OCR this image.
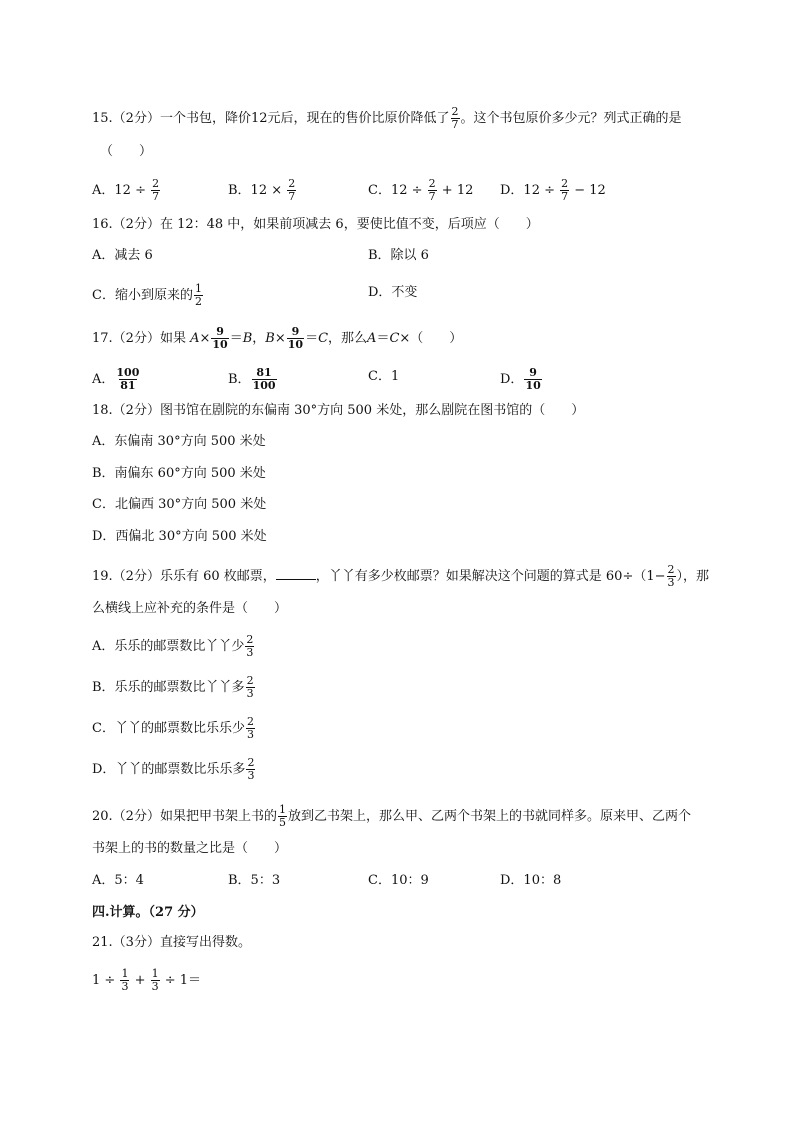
15.（2分）一个书包，降价12元后，现在的售价比原价降低了 $\frac{2}{7}$ 。这个书包原价多少元？列式正确的是
（　　）
A．$12 \div \frac{2}{7}$	B．$12 \times \frac{2}{7}$	C．$12 \div \frac{2}{7} + 12$ D．$12 \div \frac{2}{7} - 12$
16.（2分）在 12：48 中，如果前项减去 6，要使比值不变，后项应（　　）
A．减去 6	B．除以 6
C．缩小到原来的 $\frac{1}{2}$	D．不变
17.（2分）如果 $A\times \frac{9}{10} =B$，$B\times \frac{9}{10} =C$，那么A＝C×（　　）
A． $\frac{100}{81}$	B． $\frac{81}{100}$	C．1	D． $\frac{9}{10}$
18.（2分）图书馆在剧院的东偏南 30°方向 500 米处，那么剧院在图书馆的（　　）
A．东偏南 30°方向 500 米处
B．南偏东 60°方向 500 米处
C．北偏西 30°方向 500 米处
D．西偏北 30°方向 500 米处
19.（2分）乐乐有 60 枚邮票，	，丫丫有多少枚邮票？如果解决这个问题的算式是 $60\div(1- \frac{2}{3}$ ），那
么横线上应补充的条件是（　　）
A．乐乐的邮票数比丫丫少 $\frac{2}{3}$
B．乐乐的邮票数比丫丫多 $\frac{2}{3}$
C．丫丫的邮票数比乐乐少 $\frac{2}{3}$
D．丫丫的邮票数比乐乐多 $\frac{2}{3}$
20.（2分）如果把甲书架上书的 $\frac{1}{5}$ 放到乙书架上，那么甲、乙两个书架上的书就同样多。原来甲、乙两个
书架上的书的数量之比是（　　）
A．5：4	B．5：3	C．10：9	D．10：8
四.计算。（27 分）
21.（3分）直接写出得数。
$1 \div \frac{1}{3} + \frac{1}{3} \div 1=$
